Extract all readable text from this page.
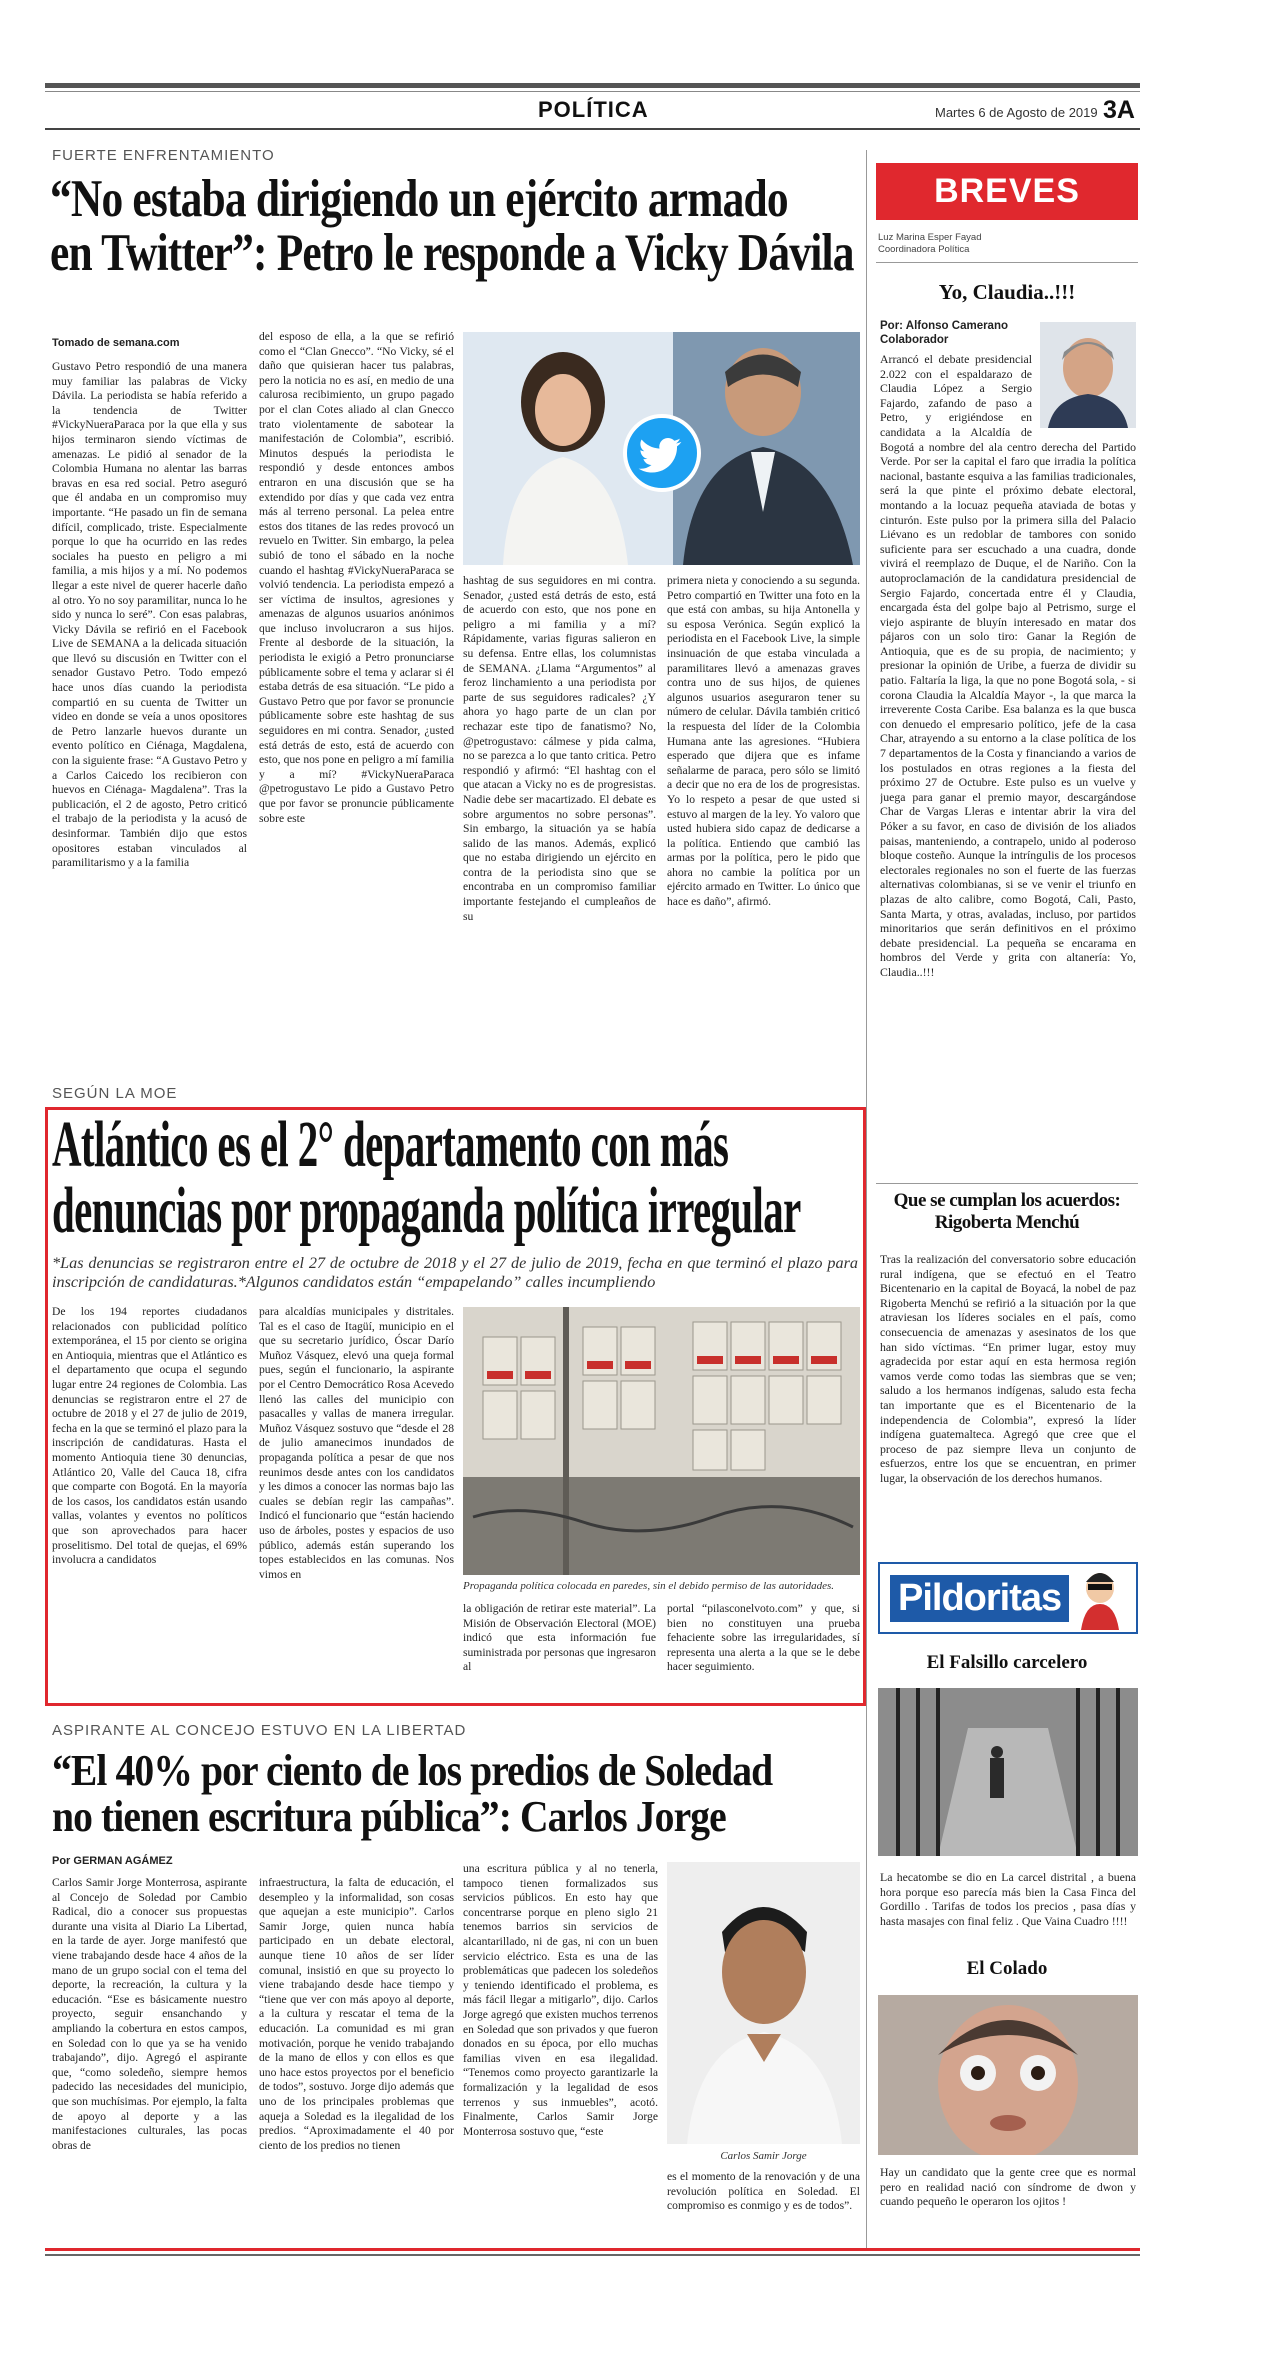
POLÍTICA	Martes 6 de Agosto de 2019 3A
FUERTE ENFRENTAMIENTO
“No estaba dirigiendo un ejército armado
en Twitter”: Petro le responde a Vicky Dávila
Tomado de semana.com

Gustavo Petro respondió de una manera muy familiar las palabras de Vicky Dávila. La periodista se había referido a la tendencia de Twitter #VickyNueraParaca por la que ella y sus hijos terminaron siendo víctimas de amenazas. Le pidió al senador de la Colombia Humana no alentar las barras bravas en esa red social. Petro aseguró que él andaba en un compromiso muy importante. “He pasado un fin de semana difícil, complicado, triste. Especialmente porque lo que ha ocurrido en las redes sociales ha puesto en peligro a mi familia, a mis hijos y a mí. No podemos llegar a este nivel de querer hacerle daño al otro. Yo no soy paramilitar, nunca lo he sido y nunca lo seré”. Con esas palabras, Vicky Dávila se refirió en el Facebook Live de SEMANA a la delicada situación que llevó su discusión en Twitter con el senador Gustavo Petro. Todo empezó hace unos días cuando la periodista compartió en su cuenta de Twitter un video en donde se veía a unos opositores de Petro lanzarle huevos durante un evento político en Ciénaga, Magdalena, con la siguiente frase: “A Gustavo Petro y a Carlos Caicedo los recibieron con huevos en Ciénaga- Magdalena”. Tras la publicación, el 2 de agosto, Petro criticó el trabajo de la periodista y la acusó de desinformar. También dijo que estos opositores estaban vinculados al paramilitarismo y a la familia

del esposo de ella, a la que se refirió como el “Clan Gnecco”. “No Vicky, sé el daño que quisieran hacer tus palabras, pero la noticia no es así, en medio de una calurosa recibimiento, un grupo pagado por el clan Cotes aliado al clan Gnecco trato violentamente de sabotear la manifestación de Colombia”, escribió. Minutos después la periodista le respondió y desde entonces ambos entraron en una discusión que se ha extendido por días y que cada vez entra más al terreno personal. La pelea entre estos dos titanes de las redes provocó un revuelo en Twitter. Sin embargo, la pelea subió de tono el sábado en la noche cuando el hashtag #VickyNueraParaca se volvió tendencia. La periodista empezó a ser víctima de insultos, agresiones y amenazas de algunos usuarios anónimos que incluso involucraron a sus hijos. Frente al desborde de la situación, la periodista le exigió a Petro pronunciarse públicamente sobre el tema y aclarar si él estaba detrás de esa situación. “Le pido a Gustavo Petro que por favor se pronuncie públicamente sobre este hashtag de sus seguidores en mi contra. Senador, ¿usted está detrás de esto, está de acuerdo con esto, que nos pone en peligro a mí familia y a mí? #VickyNueraParaca @petrogustavo Le pido a Gustavo Petro que por favor se pronuncie públicamente sobre este

hashtag de sus seguidores en mi contra. Senador, ¿usted está detrás de esto, está de acuerdo con esto, que nos pone en peligro a mi familia y a mí? Rápidamente, varias figuras salieron en su defensa. Entre ellas, los columnistas de SEMANA. ¿Llama “Argumentos” al feroz linchamiento a una periodista por parte de sus seguidores radicales? ¿Y ahora yo hago parte de un clan por rechazar este tipo de fanatismo? No, @petrogustavo: cálmese y pida calma, no se parezca a lo que tanto critica. Petro respondió y afirmó: “El hashtag con el que atacan a Vicky no es de progresistas. Nadie debe ser macartizado. El debate es sobre argumentos no sobre personas”. Sin embargo, la situación ya se había salido de las manos. Además, explicó que no estaba dirigiendo un ejército en contra de la periodista sino que se encontraba en un compromiso familiar importante festejando el cumpleaños de su

primera nieta y conociendo a su segunda. Petro compartió en Twitter una foto en la que está con ambas, su hija Antonella y su esposa Verónica. Según explicó la periodista en el Facebook Live, la simple insinuación de que estaba vinculada a paramilitares llevó a amenazas graves contra uno de sus hijos, de quienes algunos usuarios aseguraron tener su número de celular. Dávila también criticó la respuesta del líder de la Colombia Humana ante las agresiones. “Hubiera esperado que dijera que es infame señalarme de paraca, pero sólo se limitó a decir que no era de los de progresistas. Yo lo respeto a pesar de que usted si estuvo al margen de la ley. Yo valoro que usted hubiera sido capaz de dedicarse a la política. Entiendo que cambió las armas por la política, pero le pido que ahora no cambie la política por un ejército armado en Twitter. Lo único que hace es daño”, afirmó.

SEGÚN LA MOE
Atlántico es el 2° departamento con más
denuncias por propaganda política irregular
*Las denuncias se registraron entre el 27 de octubre de 2018 y el 27 de julio de 2019, fecha en que terminó el plazo para inscripción de candidaturas.*Algunos candidatos están “empapelando” calles incumpliendo

De los 194 reportes ciudadanos relacionados con publicidad político extemporánea, el 15 por ciento se origina en Antioquia, mientras que el Atlántico es el departamento que ocupa el segundo lugar entre 24 regiones de Colombia. Las denuncias se registraron entre el 27 de octubre de 2018 y el 27 de julio de 2019, fecha en la que se terminó el plazo para la inscripción de candidaturas. Hasta el momento Antioquia tiene 30 denuncias, Atlántico 20, Valle del Cauca 18, cifra que comparte con Bogotá. En la mayoría de los casos, los candidatos están usando vallas, volantes y eventos no políticos que son aprovechados para hacer proselitismo. Del total de quejas, el 69% involucra a candidatos

para alcaldías municipales y distritales. Tal es el caso de Itagüí, municipio en el que su secretario jurídico, Óscar Darío Muñoz Vásquez, elevó una queja formal pues, según el funcionario, la aspirante por el Centro Democrático Rosa Acevedo llenó las calles del municipio con pasacalles y vallas de manera irregular. Muñoz Vásquez sostuvo que “desde el 28 de julio amanecimos inundados de propaganda política a pesar de que nos reunimos desde antes con los candidatos y les dimos a conocer las normas bajo las cuales se debían regir las campañas”. Indicó el funcionario que “están haciendo uso de árboles, postes y espacios de uso público, además están superando los topes establecidos en las comunas. Nos vimos en

Propaganda política colocada en paredes, sin el debido permiso de las autoridades.

la obligación de retirar este material”. La Misión de Observación Electoral (MOE) indicó que esta información fue suministrada por personas que ingresaron al

portal “pilasconelvoto.com” y que, si bien no constituyen una prueba fehaciente sobre las irregularidades, sí representa una alerta a la que se le debe hacer seguimiento.

ASPIRANTE AL CONCEJO ESTUVO EN LA LIBERTAD
“El 40% por ciento de los predios de Soledad
no tienen escritura pública”: Carlos Jorge
Por GERMAN AGÁMEZ

Carlos Samir Jorge Monterrosa, aspirante al Concejo de Soledad por Cambio Radical, dio a conocer sus propuestas durante una visita al Diario La Libertad, en la tarde de ayer. Jorge manifestó que viene trabajando desde hace 4 años de la mano de un grupo social con el tema del deporte, la recreación, la cultura y la educación. “Ese es básicamente nuestro proyecto, seguir ensanchando y ampliando la cobertura en estos campos, en Soledad con lo que ya se ha venido trabajando”, dijo. Agregó el aspirante que, “como soledeño, siempre hemos padecido las necesidades del municipio, que son muchísimas. Por ejemplo, la falta de apoyo al deporte y a las manifestaciones culturales, las pocas obras de

infraestructura, la falta de educación, el desempleo y la informalidad, son cosas que aquejan a este municipio”. Carlos Samir Jorge, quien nunca había participado en un debate electoral, aunque tiene 10 años de ser líder comunal, insistió en que su proyecto lo viene trabajando desde hace tiempo y “tiene que ver con más apoyo al deporte, a la cultura y rescatar el tema de la educación. La comunidad es mi gran motivación, porque he venido trabajando de la mano de ellos y con ellos es que uno hace estos proyectos por el beneficio de todos”, sostuvo. Jorge dijo además que uno de los principales problemas que aqueja a Soledad es la ilegalidad de los predios. “Aproximadamente el 40 por ciento de los predios no tienen

una escritura pública y al no tenerla, tampoco tienen formalizados sus servicios públicos. En esto hay que concentrarse porque en pleno siglo 21 tenemos barrios sin servicios de alcantarillado, ni de gas, ni con un buen servicio eléctrico. Esta es una de las problemáticas que padecen los soledeños y teniendo identificado el problema, es más fácil llegar a mitigarlo”, dijo. Carlos Jorge agregó que existen muchos terrenos en Soledad que son privados y que fueron donados en su época, por ello muchas familias viven en esa ilegalidad. “Tenemos como proyecto garantizarle la formalización y la legalidad de esos terrenos y sus inmuebles”, acotó. Finalmente, Carlos Samir Jorge Monterrosa sostuvo que, “este

Carlos Samir Jorge

es el momento de la renovación y de una revolución política en Soledad. El compromiso es conmigo y es de todos”.

BREVES
Luz Marina Esper Fayad
Coordinadora Política
Yo, Claudia..!!!
Por: Alfonso Camerano
Colaborador

Arrancó el debate presidencial 2.022 con el espaldarazo de Claudia López a Sergio Fajardo, zafando de paso a Petro, y erigiéndose en candidata a la Alcaldía de Bogotá a nombre del ala centro derecha del Partido Verde. Por ser la capital el faro que irradia la política nacional, bastante esquiva a las familias tradicionales, será la que pinte el próximo debate electoral, montando a la locuaz pequeña ataviada de botas y cinturón. Este pulso por la primera silla del Palacio Liévano es un redoblar de tambores con sonido suficiente para ser escuchado a una cuadra, donde vivirá el reemplazo de Duque, el de Nariño. Con la autoproclamación de la candidatura presidencial de Sergio Fajardo, concertada entre él y Claudia, encargada ésta del golpe bajo al Petrismo, surge el viejo aspirante de bluyín interesado en matar dos pájaros con un solo tiro: Ganar la Región de Antioquia, que es de su propia, de nacimiento; y presionar la opinión de Uribe, a fuerza de dividir su patio. Faltaría la liga, la que no pone Bogotá sola, - si corona Claudia la Alcaldía Mayor -, la que marca la irreverente Costa Caribe. Esa balanza es la que busca con denuedo el empresario político, jefe de la casa Char, atrayendo a su entorno a la clase política de los 7 departamentos de la Costa y financiando a varios de los postulados en otras regiones a la fiesta del próximo 27 de Octubre. Este pulso es un vuelve y juega para ganar el premio mayor, descargándose Char de Vargas Lleras e intentar abrir la vira del Póker a su favor, en caso de división de los aliados paisas, manteniendo, a contrapelo, unido al poderoso bloque costeño. Aunque la intríngulis de los procesos electorales regionales no son el fuerte de las fuerzas alternativas colombianas, si se ve venir el triunfo en plazas de alto calibre, como Bogotá, Cali, Pasto, Santa Marta, y otras, avaladas, incluso, por partidos minoritarios que serán definitivos en el próximo debate presidencial. La pequeña se encarama en hombros del Verde y grita con altanería: Yo, Claudia..!!!

Que se cumplan los acuerdos:
Rigoberta Menchú

Tras la realización del conversatorio sobre educación rural indígena, que se efectuó en el Teatro Bicentenario en la capital de Boyacá, la nobel de paz Rigoberta Menchú se refirió a la situación por la que atraviesan los líderes sociales en el país, como consecuencia de amenazas y asesinatos de los que han sido víctimas. “En primer lugar, estoy muy agradecida por estar aquí en esta hermosa región vamos verde como todas las siembras que se ven; saludo a los hermanos indígenas, saludo esta fecha tan importante que es el Bicentenario de la independencia de Colombia”, expresó la líder indígena guatemalteca. Agregó que cree que el proceso de paz siempre lleva un conjunto de esfuerzos, entre los que se encuentran, en primer lugar, la observación de los derechos humanos.

Pildoritas
El Falsillo carcelero

La hecatombe se dio en La carcel distrital , a buena hora porque eso parecía más bien la Casa Finca del Gordillo . Tarifas de todos los precios , pasa días y hasta masajes con final feliz . Que Vaina Cuadro !!!!

El Colado

Hay un candidato que la gente cree que es normal pero en realidad nació con síndrome de dwon y cuando pequeño le operaron los ojitos !
